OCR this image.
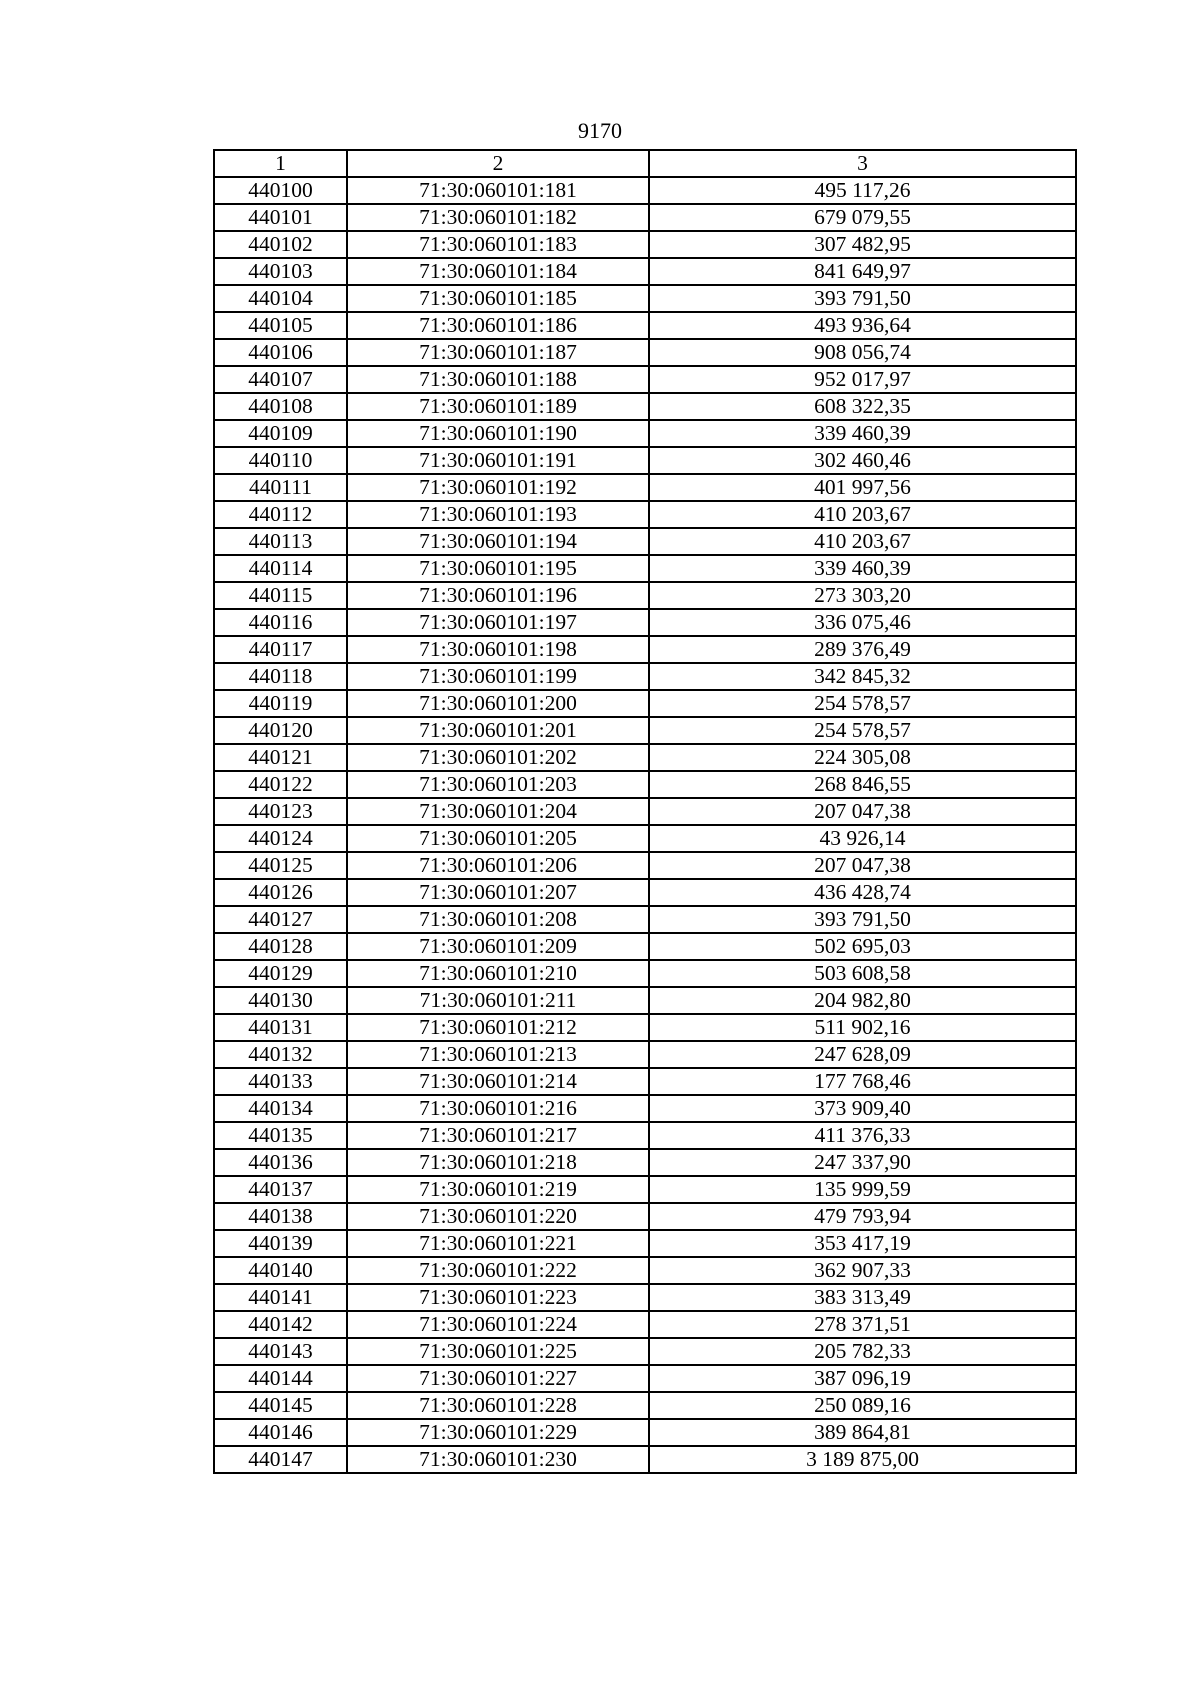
9170
1	2	3
440100	71:30:060101:181	495 117,26
440101	71:30:060101:182	679 079,55
440102	71:30:060101:183	307 482,95
440103	71:30:060101:184	841 649,97
440104	71:30:060101:185	393 791,50
440105	71:30:060101:186	493 936,64
440106	71:30:060101:187	908 056,74
440107	71:30:060101:188	952 017,97
440108	71:30:060101:189	608 322,35
440109	71:30:060101:190	339 460,39
440110	71:30:060101:191	302 460,46
440111	71:30:060101:192	401 997,56
440112	71:30:060101:193	410 203,67
440113	71:30:060101:194	410 203,67
440114	71:30:060101:195	339 460,39
440115	71:30:060101:196	273 303,20
440116	71:30:060101:197	336 075,46
440117	71:30:060101:198	289 376,49
440118	71:30:060101:199	342 845,32
440119	71:30:060101:200	254 578,57
440120	71:30:060101:201	254 578,57
440121	71:30:060101:202	224 305,08
440122	71:30:060101:203	268 846,55
440123	71:30:060101:204	207 047,38
440124	71:30:060101:205	43 926,14
440125	71:30:060101:206	207 047,38
440126	71:30:060101:207	436 428,74
440127	71:30:060101:208	393 791,50
440128	71:30:060101:209	502 695,03
440129	71:30:060101:210	503 608,58
440130	71:30:060101:211	204 982,80
440131	71:30:060101:212	511 902,16
440132	71:30:060101:213	247 628,09
440133	71:30:060101:214	177 768,46
440134	71:30:060101:216	373 909,40
440135	71:30:060101:217	411 376,33
440136	71:30:060101:218	247 337,90
440137	71:30:060101:219	135 999,59
440138	71:30:060101:220	479 793,94
440139	71:30:060101:221	353 417,19
440140	71:30:060101:222	362 907,33
440141	71:30:060101:223	383 313,49
440142	71:30:060101:224	278 371,51
440143	71:30:060101:225	205 782,33
440144	71:30:060101:227	387 096,19
440145	71:30:060101:228	250 089,16
440146	71:30:060101:229	389 864,81
440147	71:30:060101:230	3 189 875,00
